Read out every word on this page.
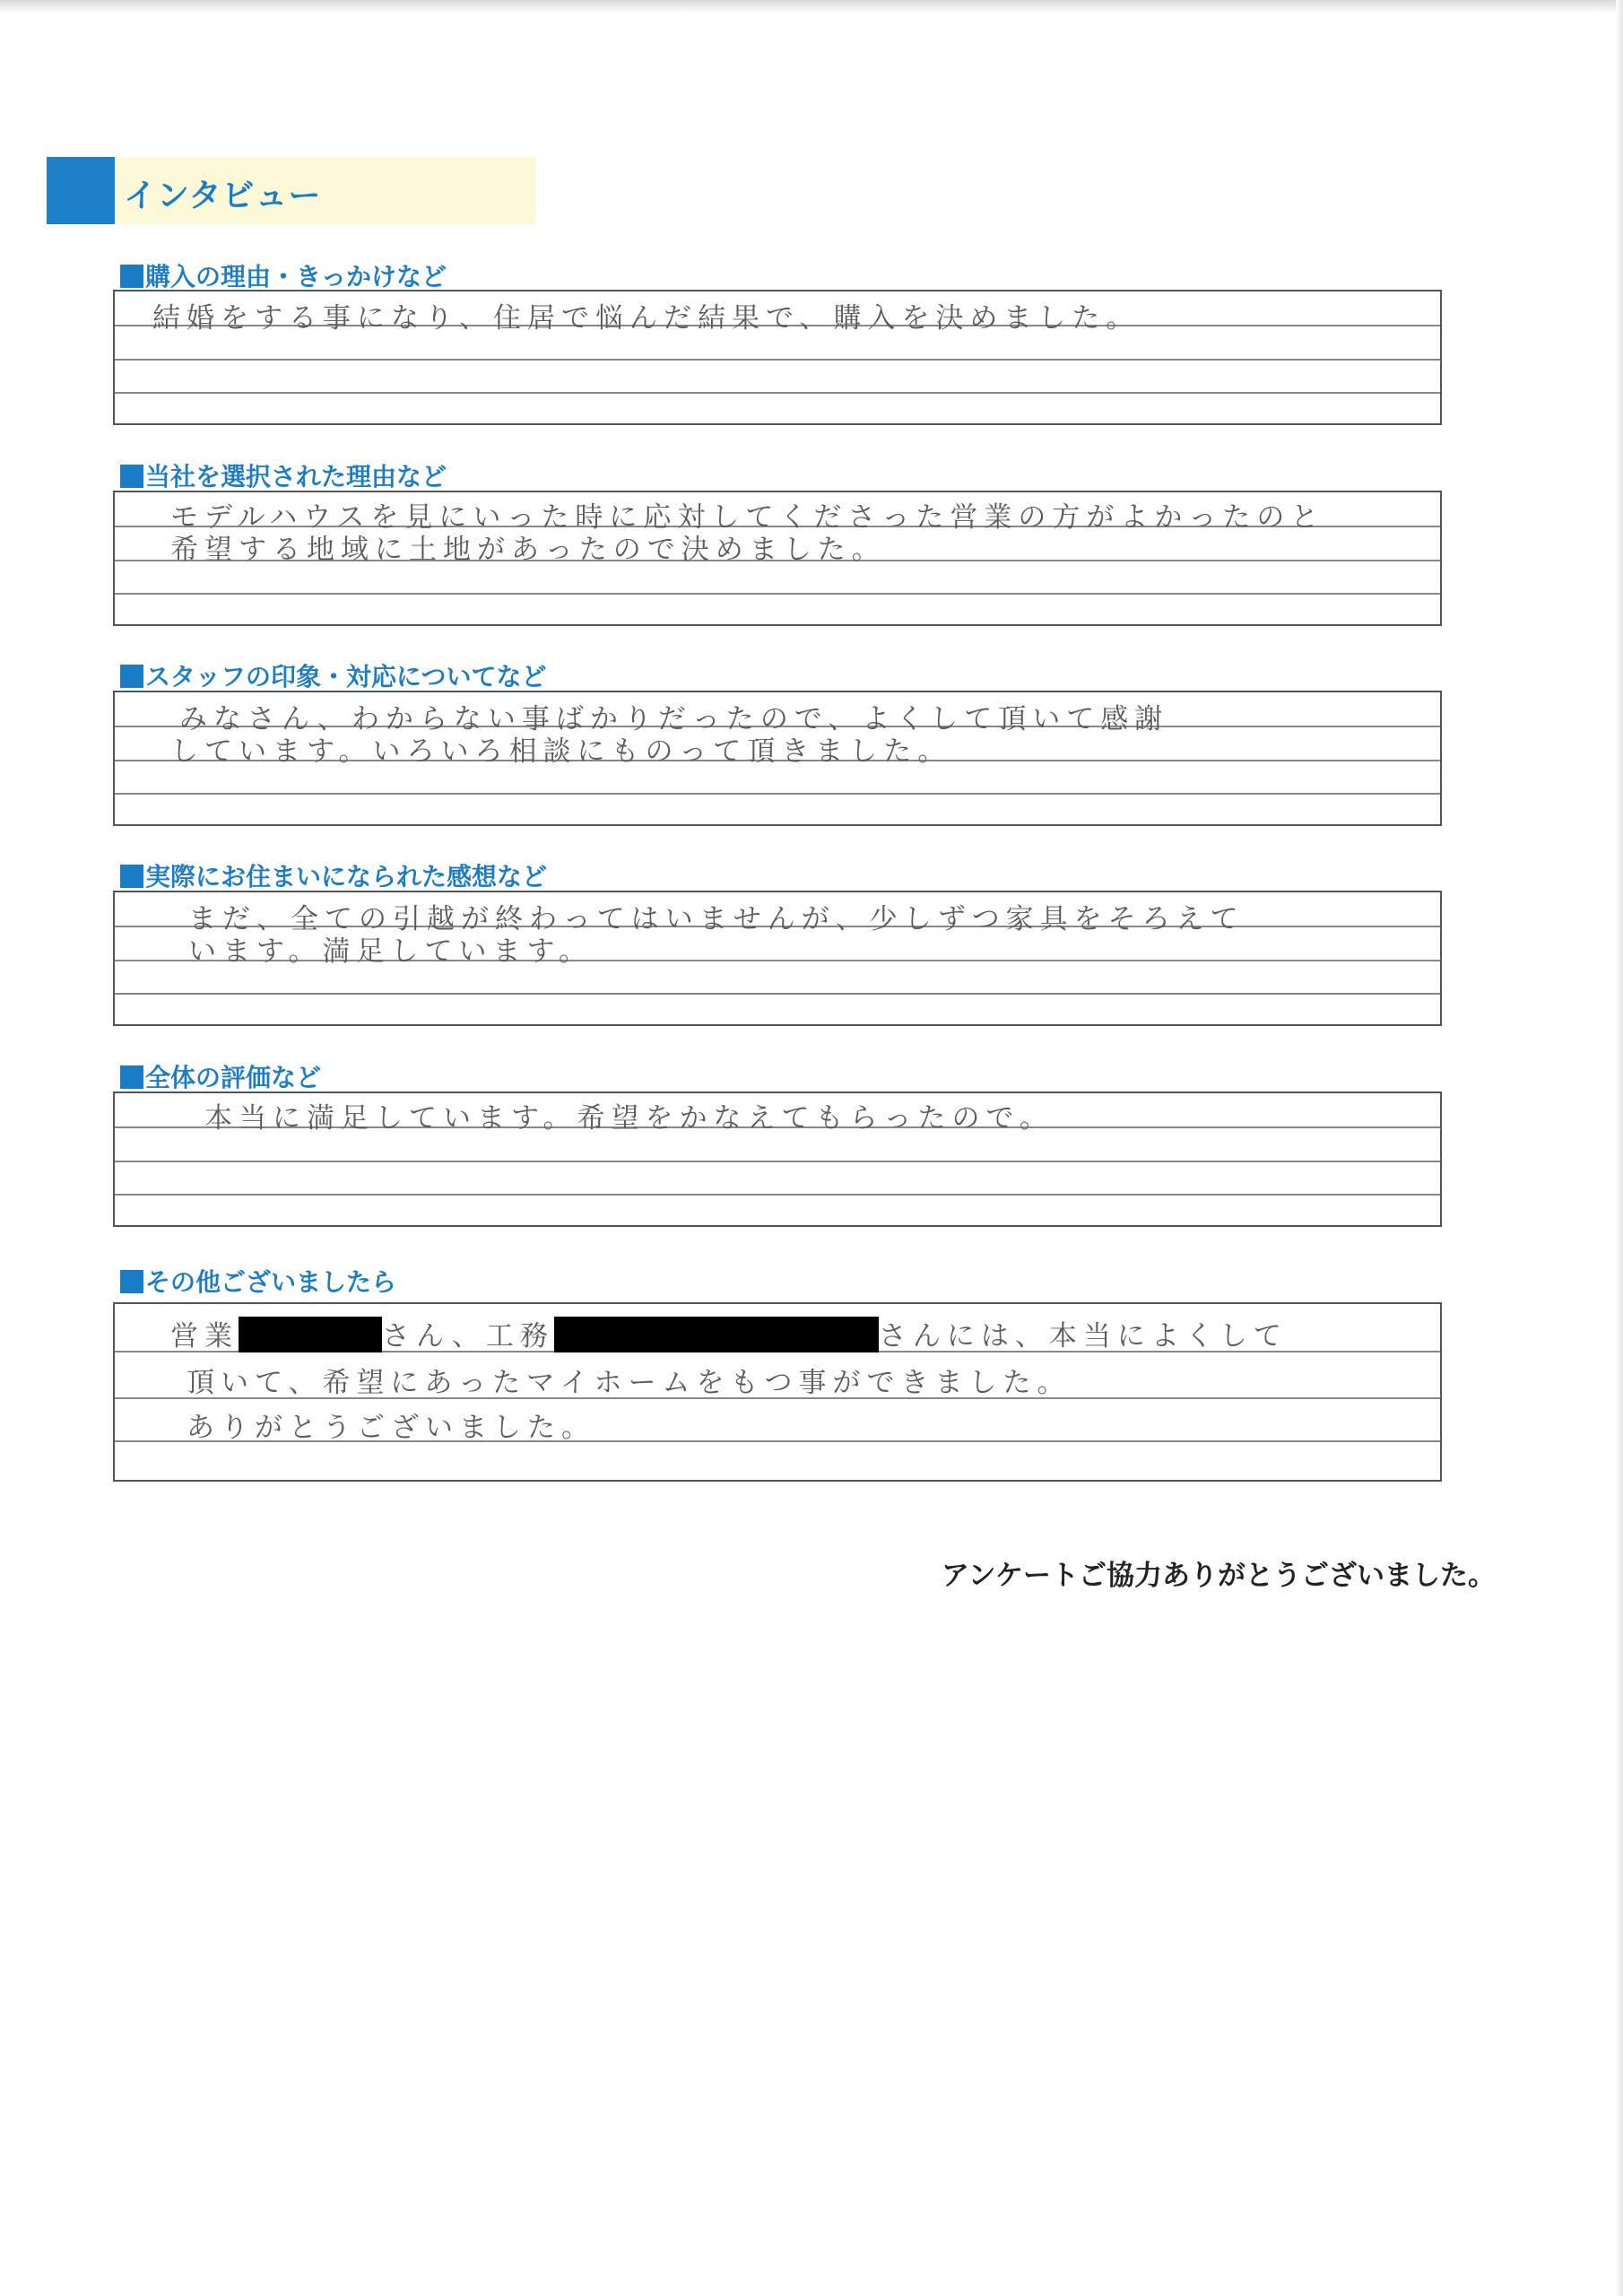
インタビュー
購入の理由・きっかけなど
結婚をする事になり、住居で悩んだ結果で、購入を決めました。
当社を選択された理由など
モデルハウスを見にいった時に応対してくださった営業の方がよかったのと
希望する地域に土地があったので決めました。
スタッフの印象・対応についてなど
みなさん、わからない事ばかりだったので、よくして頂いて感謝
しています。いろいろ相談にものって頂きました。
実際にお住まいになられた感想など
まだ、全ての引越が終わってはいませんが、少しずつ家具をそろえて
います。満足しています。
全体の評価など
本当に満足しています。希望をかなえてもらったので。
その他ございましたら
営業	さん、工務	さんには、本当によくして
頂いて、希望にあったマイホームをもつ事ができました。
ありがとうございました。
アンケートご協力ありがとうございました。
